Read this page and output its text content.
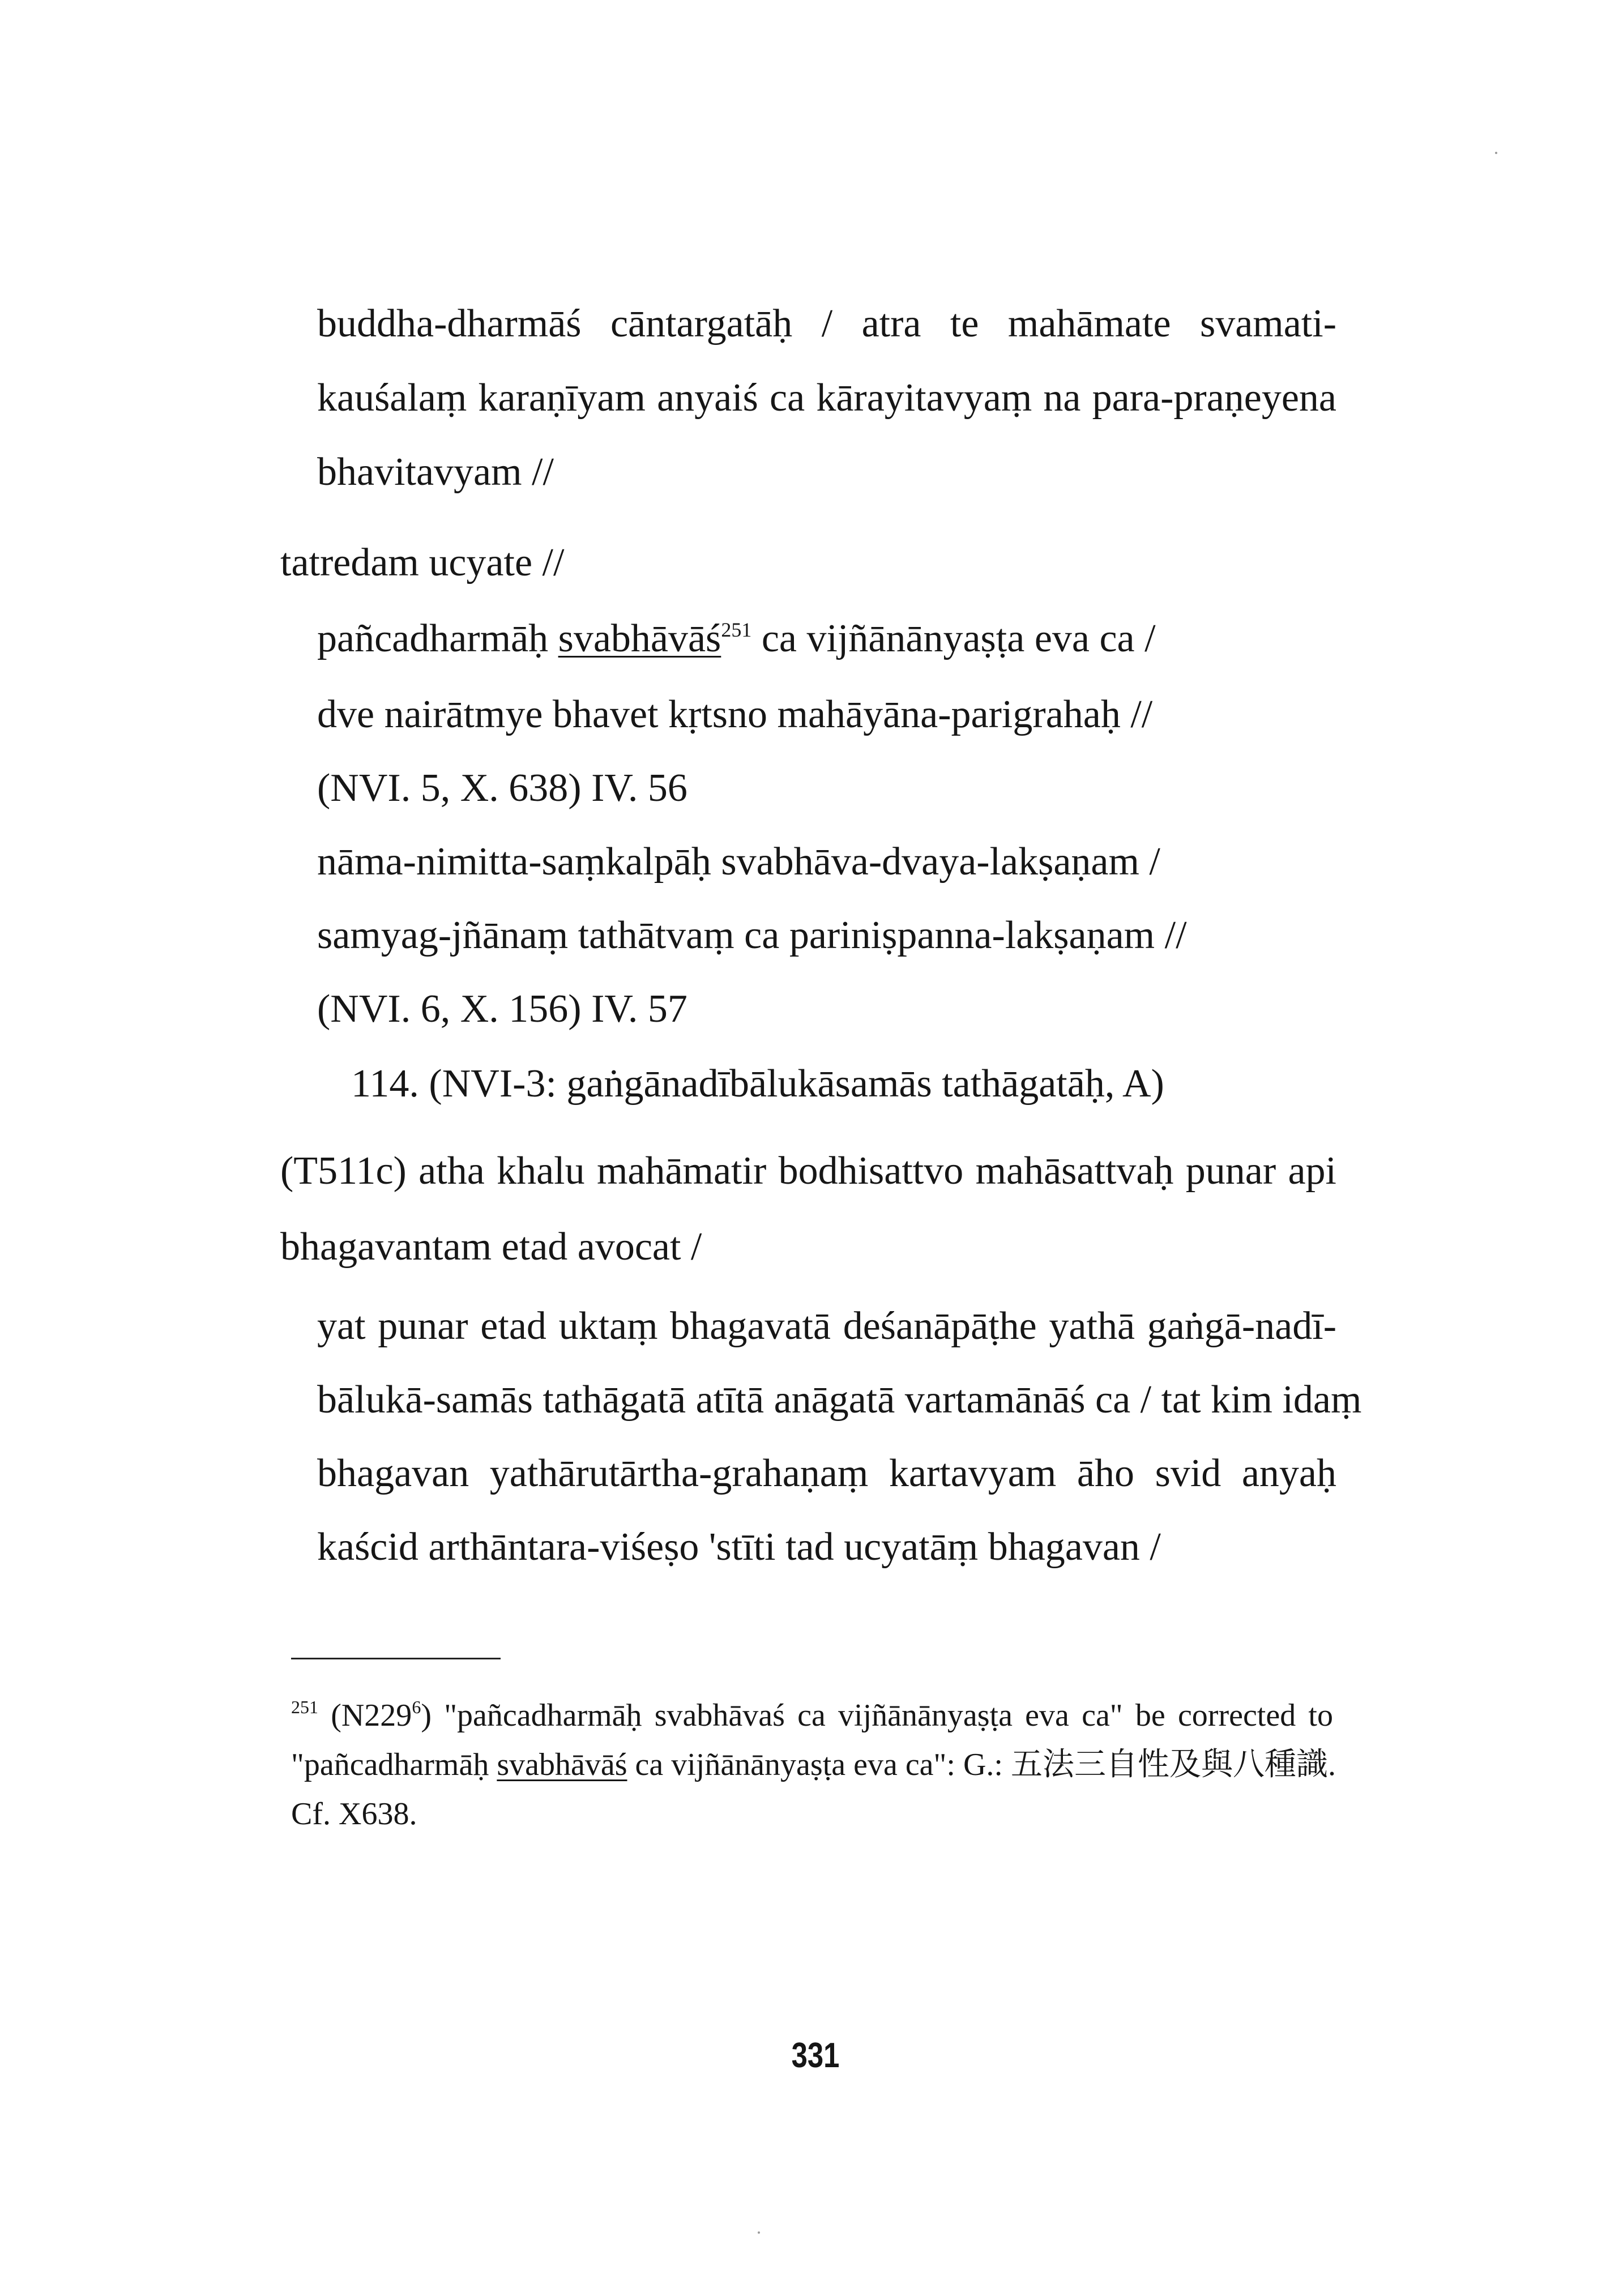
buddha-dharmāś cāntargatāḥ / atra te mahāmate svamati-
kauśalaṃ karaṇīyam anyaiś ca kārayitavyaṃ na para-praṇeyena
bhavitavyam //
tatredam ucyate //
pañcadharmāḥ svabhāvāś$^{251}$ ca vijñānānyaṣṭa eva ca /
dve nairātmye bhavet kṛtsno mahāyāna-parigrahaḥ //
(NVI. 5, X. 638) IV. 56
nāma-nimitta-saṃkalpāḥ svabhāva-dvaya-lakṣaṇam /
samyag-jñānaṃ tathātvaṃ ca pariniṣpanna-lakṣaṇam //
(NVI. 6, X. 156) IV. 57
114. (NVI-3: gaṅgānadībālukāsamās tathāgatāḥ, A)
(T511c) atha khalu mahāmatir bodhisattvo mahāsattvaḥ punar api
bhagavantam etad avocat /
yat punar etad uktaṃ bhagavatā deśanāpāṭhe yathā gaṅgā-nadī-
bālukā-samās tathāgatā atītā anāgatā vartamānāś ca / tat kim idaṃ
bhagavan yathārutārtha-grahaṇaṃ kartavyam āho svid anyaḥ
kaścid arthāntara-viśeṣo 'stīti tad ucyatāṃ bhagavan /
$^{251}$ $(N229^6)$ "pañcadharmāḥ svabhāvaś ca vijñānānyaṣṭa eva ca" be corrected to
"pañcadharmāḥ svabhāvāś ca vijñānānyaṣṭa eva ca": G.: 五法三自性及與八種識.
Cf. X638.
331
